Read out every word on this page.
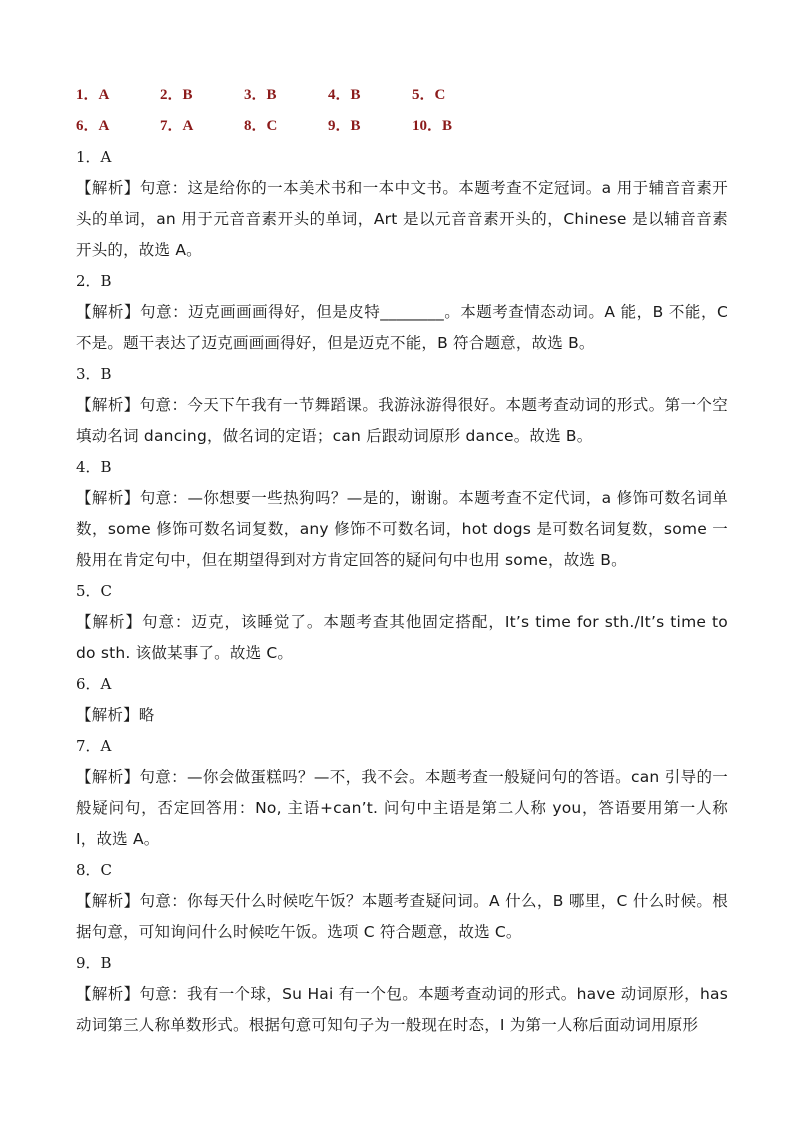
1．A	2．B	3．B	4．B	5．C
6．A	7．A	8．C	9．B	10．B
1．A
【解析】句意：这是给你的一本美术书和一本中文书。本题考查不定冠词。a 用于辅音音素开头的单词，an 用于元音音素开头的单词，Art 是以元音音素开头的，Chinese 是以辅音音素开头的，故选 A。
2．B
【解析】句意：迈克画画画得好，但是皮特________。本题考查情态动词。A 能，B 不能，C 不是。题干表达了迈克画画画得好，但是迈克不能，B 符合题意，故选 B。
3．B
【解析】句意：今天下午我有一节舞蹈课。我游泳游得很好。本题考查动词的形式。第一个空填动名词 dancing，做名词的定语；can 后跟动词原形 dance。故选 B。
4．B
【解析】句意：—你想要一些热狗吗？—是的，谢谢。本题考查不定代词，a 修饰可数名词单数，some 修饰可数名词复数，any 修饰不可数名词，hot dogs 是可数名词复数，some 一般用在肯定句中，但在期望得到对方肯定回答的疑问句中也用 some，故选 B。
5．C
【解析】句意：迈克，该睡觉了。本题考查其他固定搭配，It’s time for sth./It’s time to do sth. 该做某事了。故选 C。
6．A
【解析】略
7．A
【解析】句意：—你会做蛋糕吗？—不，我不会。本题考查一般疑问句的答语。can 引导的一般疑问句，否定回答用：No, 主语+can’t. 问句中主语是第二人称 you，答语要用第一人称 I，故选 A。
8．C
【解析】句意：你每天什么时候吃午饭？本题考查疑问词。A 什么，B 哪里，C 什么时候。根据句意，可知询问什么时候吃午饭。选项 C 符合题意，故选 C。
9．B
【解析】句意：我有一个球，Su Hai 有一个包。本题考查动词的形式。have 动词原形，has 动词第三人称单数形式。根据句意可知句子为一般现在时态，I 为第一人称后面动词用原形
